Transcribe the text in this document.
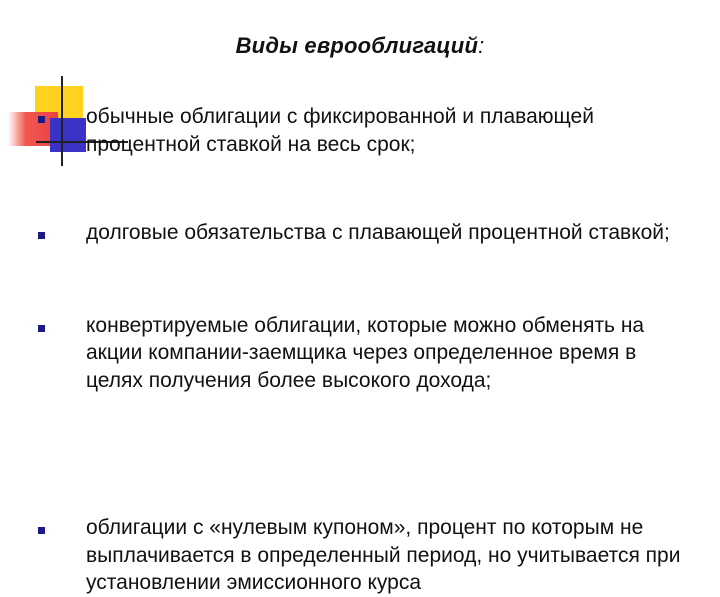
Виды еврооблигаций:
обычные облигации с фиксированной и плавающей процентной ставкой на весь срок;
долговые обязательства с плавающей процентной ставкой;
конвертируемые облигации, которые можно обменять на акции компании-заемщика через определенное время в целях получения более высокого дохода;
облигации с «нулевым купоном», процент по которым не выплачивается в определенный период, но учитывается при установлении эмиссионного курса
